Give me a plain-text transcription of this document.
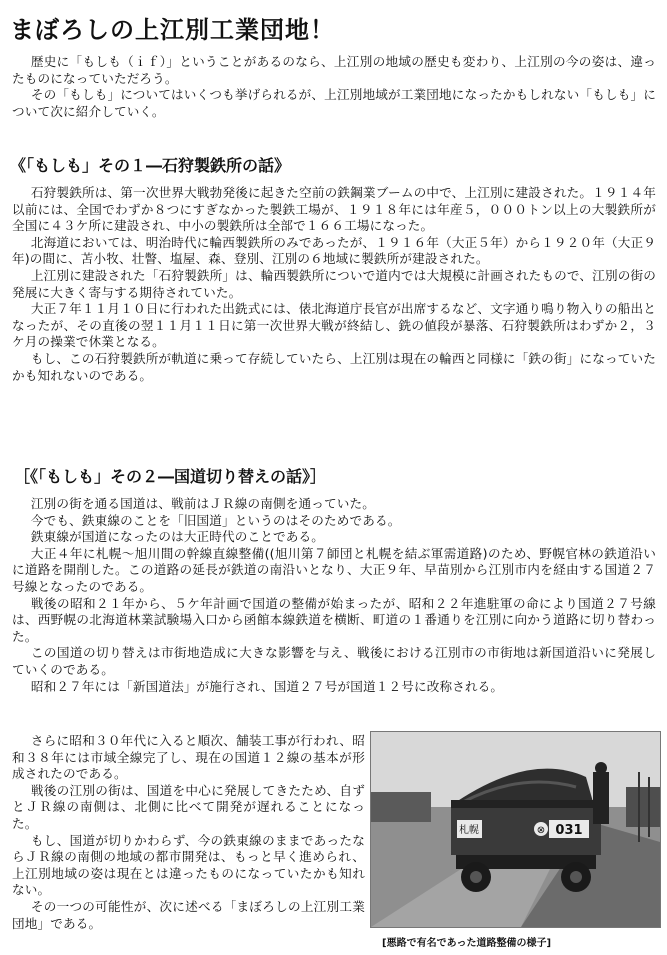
まぼろしの上江別工業団地！

歴史に「もしも（ｉｆ）」ということがあるのなら、上江別の地域の歴史も変わり、上江別の今の姿は、違ったものになっていただろう。

その「もしも」についてはいくつも挙げられるが、上江別地域が工業団地になったかもしれない「もしも」について次に紹介していく。

《「もしも」その１―石狩製鉄所の話》

石狩製鉄所は、第一次世界大戦勃発後に起きた空前の鉄鋼業ブームの中で、上江別に建設された。１９１４年以前には、全国でわずか８つにすぎなかった製鉄工場が、１９１８年には年産５，０００トン以上の大製鉄所が全国に４３ケ所に建設され、中小の製鉄所は全部で１６６工場になった。

北海道においては、明治時代に輪西製鉄所のみであったが、１９１６年（大正５年）から１９２０年（大正９年)の間に、苫小牧、壮瞥、塩屋、森、登別、江別の６地域に製鉄所が建設された。

上江別に建設された「石狩製鉄所」は、輪西製鉄所についで道内では大規模に計画されたもので、江別の街の発展に大きく寄与する期待されていた。

大正７年１１月１０日に行われた出銑式には、俵北海道庁長官が出席するなど、文字通り鳴り物入りの船出となったが、その直後の翌１１月１１日に第一次世界大戦が終結し、銑の値段が暴落、石狩製鉄所はわずか２，３ケ月の操業で休業となる。

もし、この石狩製鉄所が軌道に乗って存続していたら、上江別は現在の輪西と同様に「鉄の街」になっていたかも知れないのである。

［《「もしも」その２―国道切り替えの話》］

江別の街を通る国道は、戦前はＪＲ線の南側を通っていた。

今でも、鉄東線のことを「旧国道」というのはそのためである。

鉄東線が国道になったのは大正時代のことである。

大正４年に札幌～旭川間の幹線直線整備((旭川第７師団と札幌を結ぶ軍需道路)のため、野幌官林の鉄道沿いに道路を開削した。この道路の延長が鉄道の南沿いとなり、大正９年、早苗別から江別市内を経由する国道２７号線となったのである。

戦後の昭和２１年から、５ケ年計画で国道の整備が始まったが、昭和２２年進駐軍の命により国道２７号線は、西野幌の北海道林業試験場入口から函館本線鉄道を横断、町道の１番通りを江別に向かう道路に切り替わった。

この国道の切り替えは市街地造成に大きな影響を与え、戦後における江別市の市街地は新国道沿いに発展していくのである。

昭和２７年には「新国道法」が施行され、国道２７号が国道１２号に改称される。

さらに昭和３０年代に入ると順次、舗装工事が行われ、昭和３８年には市域全線完了し、現在の国道１２線の基本が形成されたのである。

戦後の江別の街は、国道を中心に発展してきたため、自ずとＪＲ線の南側は、北側に比べて開発が遅れることになった。

もし、国道が切りかわらず、今の鉄東線のままであったならＪＲ線の南側の地域の都市開発は、もっと早く進められ、上江別地域の姿は現在とは違ったものになっていたかも知れない。

その一つの可能性が、次に述べる「まぼろしの上江別工業団地」である。

札幌	⊗ 031
[悪路で有名であった道路整備の様子]
